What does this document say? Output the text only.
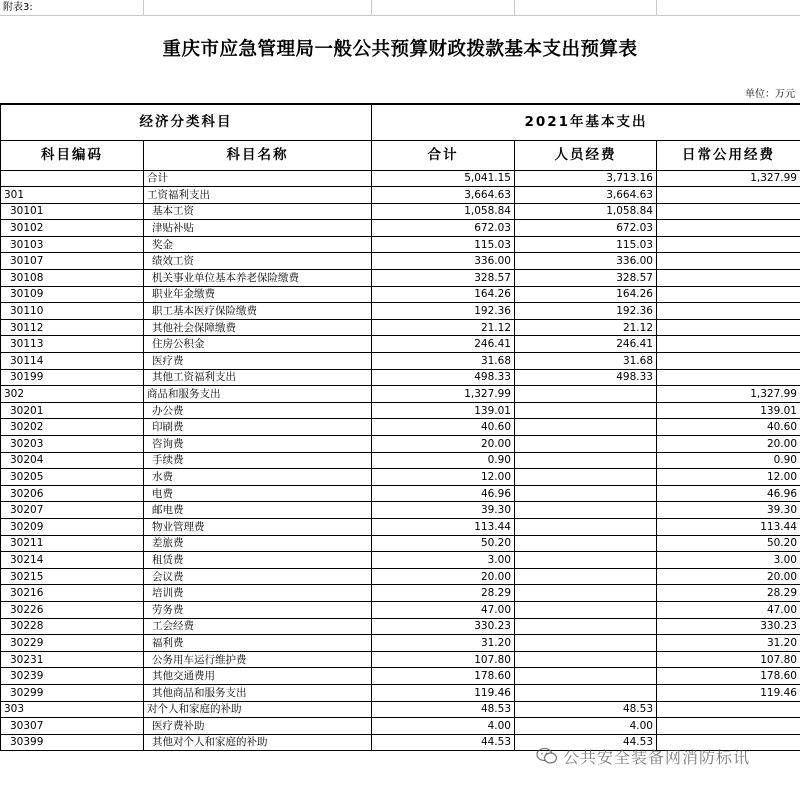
附表3:
重庆市应急管理局一般公共预算财政拨款基本支出预算表
单位：万元
经济分类科目		2021年基本支出		
科目编码	科目名称	合计	人员经费	日常公用经费
	合计	5,041.15	3,713.16	1,327.99
301	工资福利支出	3,664.63	3,664.63	
30101	基本工资	1,058.84	1,058.84	
30102	津贴补贴	672.03	672.03	
30103	奖金	115.03	115.03	
30107	绩效工资	336.00	336.00	
30108	机关事业单位基本养老保险缴费	328.57	328.57	
30109	职业年金缴费	164.26	164.26	
30110	职工基本医疗保险缴费	192.36	192.36	
30112	其他社会保障缴费	21.12	21.12	
30113	住房公积金	246.41	246.41	
30114	医疗费	31.68	31.68	
30199	其他工资福利支出	498.33	498.33	
302	商品和服务支出	1,327.99		1,327.99
30201	办公费	139.01		139.01
30202	印刷费	40.60		40.60
30203	咨询费	20.00		20.00
30204	手续费	0.90		0.90
30205	水费	12.00		12.00
30206	电费	46.96		46.96
30207	邮电费	39.30		39.30
30209	物业管理费	113.44		113.44
30211	差旅费	50.20		50.20
30214	租赁费	3.00		3.00
30215	会议费	20.00		20.00
30216	培训费	28.29		28.29
30226	劳务费	47.00		47.00
30228	工会经费	330.23		330.23
30229	福利费	31.20		31.20
30231	公务用车运行维护费	107.80		107.80
30239	其他交通费用	178.60		178.60
30299	其他商品和服务支出	119.46		119.46
303	对个人和家庭的补助	48.53	48.53	
30307	医疗费补助	4.00	4.00	
30399	其他对个人和家庭的补助	44.53	44.53	
公共安全装备网消防标讯
